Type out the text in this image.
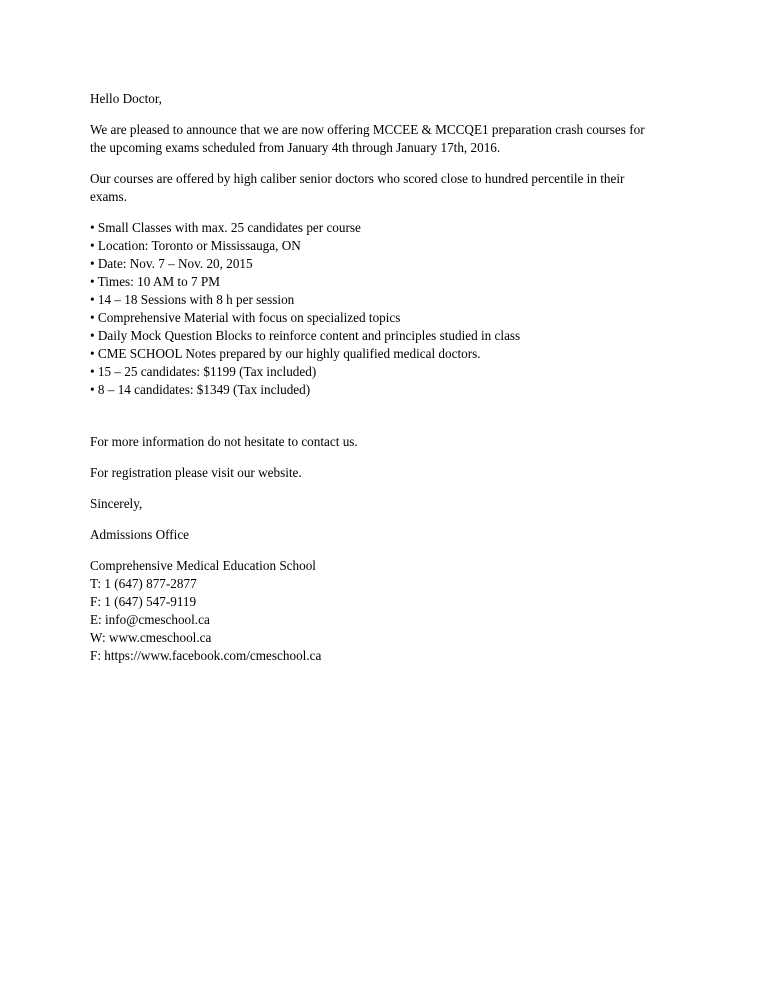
Hello Doctor,

We are pleased to announce that we are now offering MCCEE & MCCQE1 preparation crash courses for
the upcoming exams scheduled from January 4th through January 17th, 2016.

Our courses are offered by high caliber senior doctors who scored close to hundred percentile in their
exams.

• Small Classes with max. 25 candidates per course
• Location: Toronto or Mississauga, ON
• Date: Nov. 7 – Nov. 20, 2015
• Times: 10 AM to 7 PM
• 14 – 18 Sessions with 8 h per session
• Comprehensive Material with focus on specialized topics
• Daily Mock Question Blocks to reinforce content and principles studied in class
• CME SCHOOL Notes prepared by our highly qualified medical doctors.
• 15 – 25 candidates: $1199 (Tax included)
• 8 – 14 candidates: $1349 (Tax included)

For more information do not hesitate to contact us.

For registration please visit our website.

Sincerely,

Admissions Office

Comprehensive Medical Education School
T: 1 (647) 877-2877
F: 1 (647) 547-9119
E: info@cmeschool.ca
W: www.cmeschool.ca
F: https://www.facebook.com/cmeschool.ca
